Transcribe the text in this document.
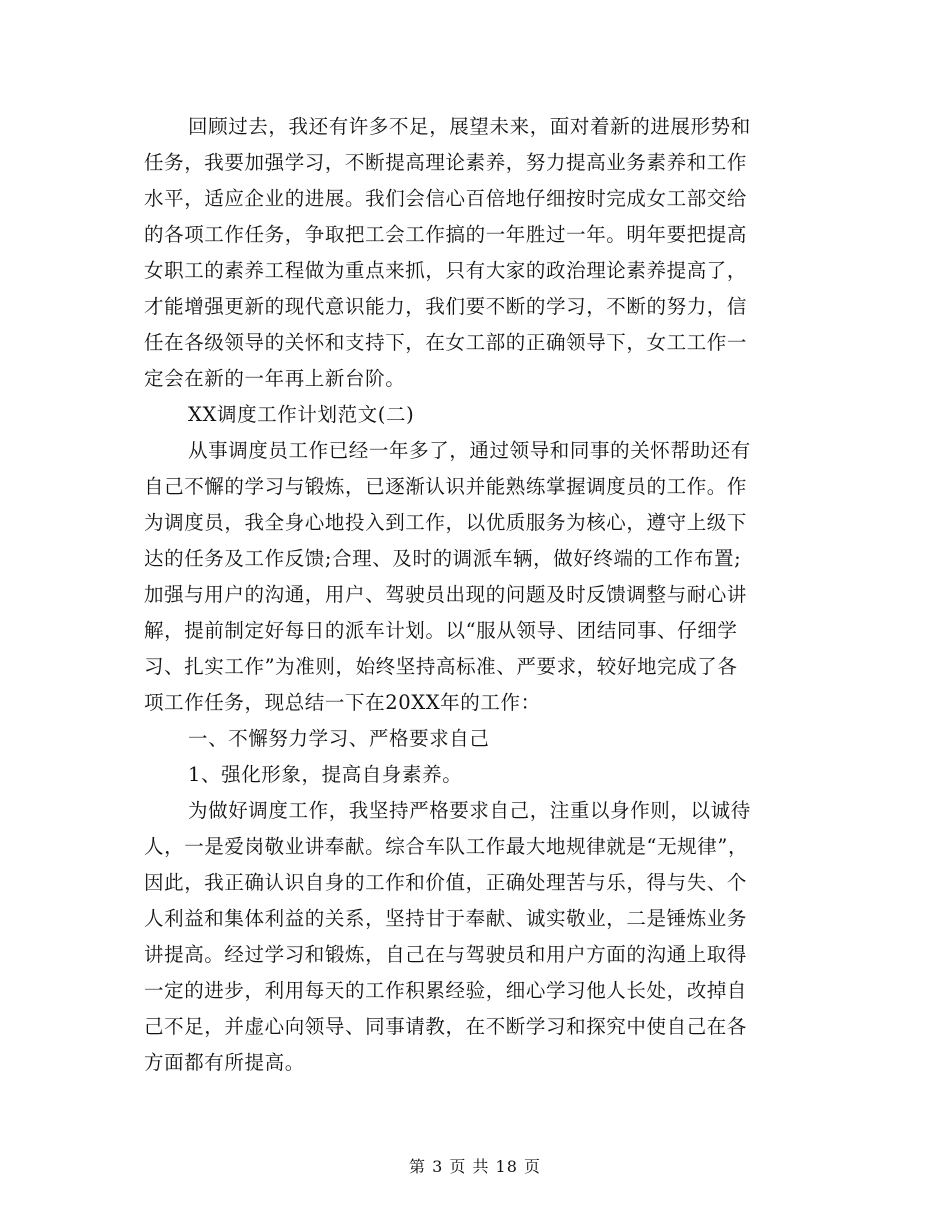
回顾过去，我还有许多不足，展望未来，面对着新的进展形势和
任务，我要加强学习，不断提高理论素养，努力提高业务素养和工作
水平，适应企业的进展。我们会信心百倍地仔细按时完成女工部交给
的各项工作任务，争取把工会工作搞的一年胜过一年。明年要把提高
女职工的素养工程做为重点来抓，只有大家的政治理论素养提高了，
才能增强更新的现代意识能力，我们要不断的学习，不断的努力，信
任在各级领导的关怀和支持下，在女工部的正确领导下，女工工作一
定会在新的一年再上新台阶。
XX调度工作计划范文(二)
从事调度员工作已经一年多了，通过领导和同事的关怀帮助还有
自己不懈的学习与锻炼，已逐渐认识并能熟练掌握调度员的工作。作
为调度员，我全身心地投入到工作，以优质服务为核心，遵守上级下
达的任务及工作反馈;合理、及时的调派车辆，做好终端的工作布置;
加强与用户的沟通，用户、驾驶员出现的问题及时反馈调整与耐心讲
解，提前制定好每日的派车计划。以“服从领导、团结同事、仔细学
习、扎实工作”为准则，始终坚持高标准、严要求，较好地完成了各
项工作任务，现总结一下在20XX年的工作：
一、不懈努力学习、严格要求自己
1、强化形象，提高自身素养。
为做好调度工作，我坚持严格要求自己，注重以身作则，以诚待
人，一是爱岗敬业讲奉献。综合车队工作最大地规律就是“无规律”，
因此，我正确认识自身的工作和价值，正确处理苦与乐，得与失、个
人利益和集体利益的关系，坚持甘于奉献、诚实敬业，二是锤炼业务
讲提高。经过学习和锻炼，自己在与驾驶员和用户方面的沟通上取得
一定的进步，利用每天的工作积累经验，细心学习他人长处，改掉自
己不足，并虚心向领导、同事请教，在不断学习和探究中使自己在各
方面都有所提高。
第 3 页 共 18 页
